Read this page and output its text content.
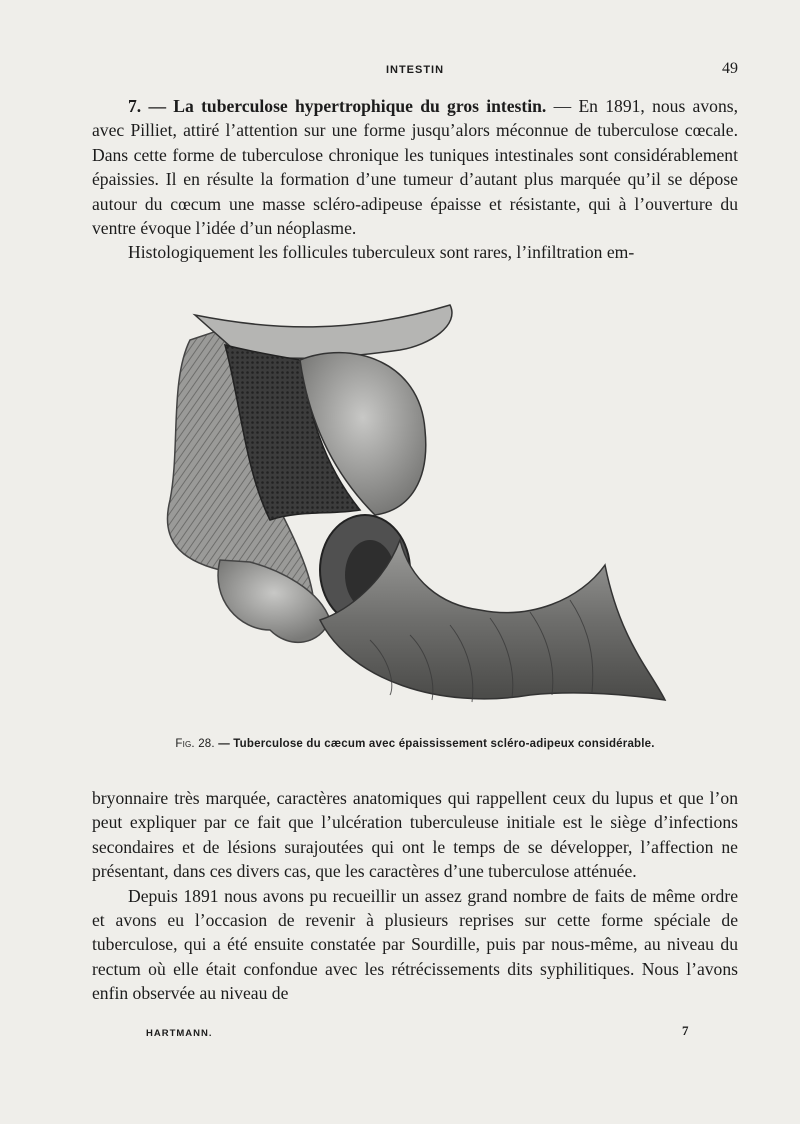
INTESTIN	49

7. — La tuberculose hypertrophique du gros intestin. — En 1891, nous avons, avec Pilliet, attiré l’attention sur une forme jusqu’alors méconnue de tuberculose cœcale. Dans cette forme de tuberculose chronique les tuniques intestinales sont considérablement épaissies. Il en résulte la formation d’une tumeur d’autant plus marquée qu’il se dépose autour du cœcum une masse scléro-adipeuse épaisse et résistante, qui à l’ouverture du ventre évoque l’idée d’un néoplasme.

Histologiquement les follicules tuberculeux sont rares, l’infiltration em-

Fig. 28. — Tuberculose du cæcum avec épaississement scléro-adipeux considérable.

bryonnaire très marquée, caractères anatomiques qui rappellent ceux du lupus et que l’on peut expliquer par ce fait que l’ulcération tuberculeuse initiale est le siège d’infections secondaires et de lésions surajoutées qui ont le temps de se développer, l’affection ne présentant, dans ces divers cas, que les caractères d’une tuberculose atténuée.

Depuis 1891 nous avons pu recueillir un assez grand nombre de faits de même ordre et avons eu l’occasion de revenir à plusieurs reprises sur cette forme spéciale de tuberculose, qui a été ensuite constatée par Sourdille, puis par nous-même, au niveau du rectum où elle était confondue avec les rétrécissements dits syphilitiques. Nous l’avons enfin observée au niveau de

HARTMANN.	7
